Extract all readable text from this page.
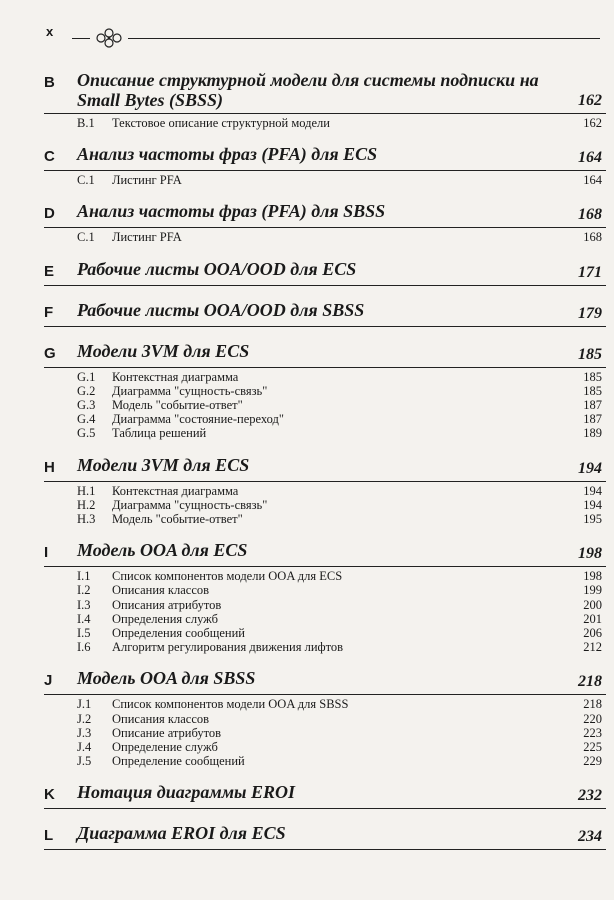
x
B	Описание структурной модели для системы подписки на Small Bytes (SBSS)	162
B.1	Текстовое описание структурной модели	162
C	Анализ частоты фраз (PFA) для ECS	164
C.1	Листинг PFA	164
D	Анализ частоты фраз (PFA) для SBSS	168
C.1	Листинг PFA	168
E	Рабочие листы OOA/OOD для ECS	171
F	Рабочие листы OOA/OOD для SBSS	179
G	Модели 3VM для ECS	185
G.1	Контекстная диаграмма	185
G.2	Диаграмма "сущность-связь"	185
G.3	Модель "событие-ответ"	187
G.4	Диаграмма "состояние-переход"	187
G.5	Таблица решений	189
H	Модели 3VM для ECS	194
H.1	Контекстная диаграмма	194
H.2	Диаграмма "сущность-связь"	194
H.3	Модель "событие-ответ"	195
I	Модель OOA для ECS	198
I.1	Список компонентов модели OOA для ECS	198
I.2	Описания классов	199
I.3	Описания атрибутов	200
I.4	Определения служб	201
I.5	Определения сообщений	206
I.6	Алгоритм регулирования движения лифтов	212
J	Модель OOA для SBSS	218
J.1	Список компонентов модели OOA для SBSS	218
J.2	Описания классов	220
J.3	Описание атрибутов	223
J.4	Определение служб	225
J.5	Определение сообщений	229
K	Нотация диаграммы EROI	232
L	Диаграмма EROI для ECS	234
